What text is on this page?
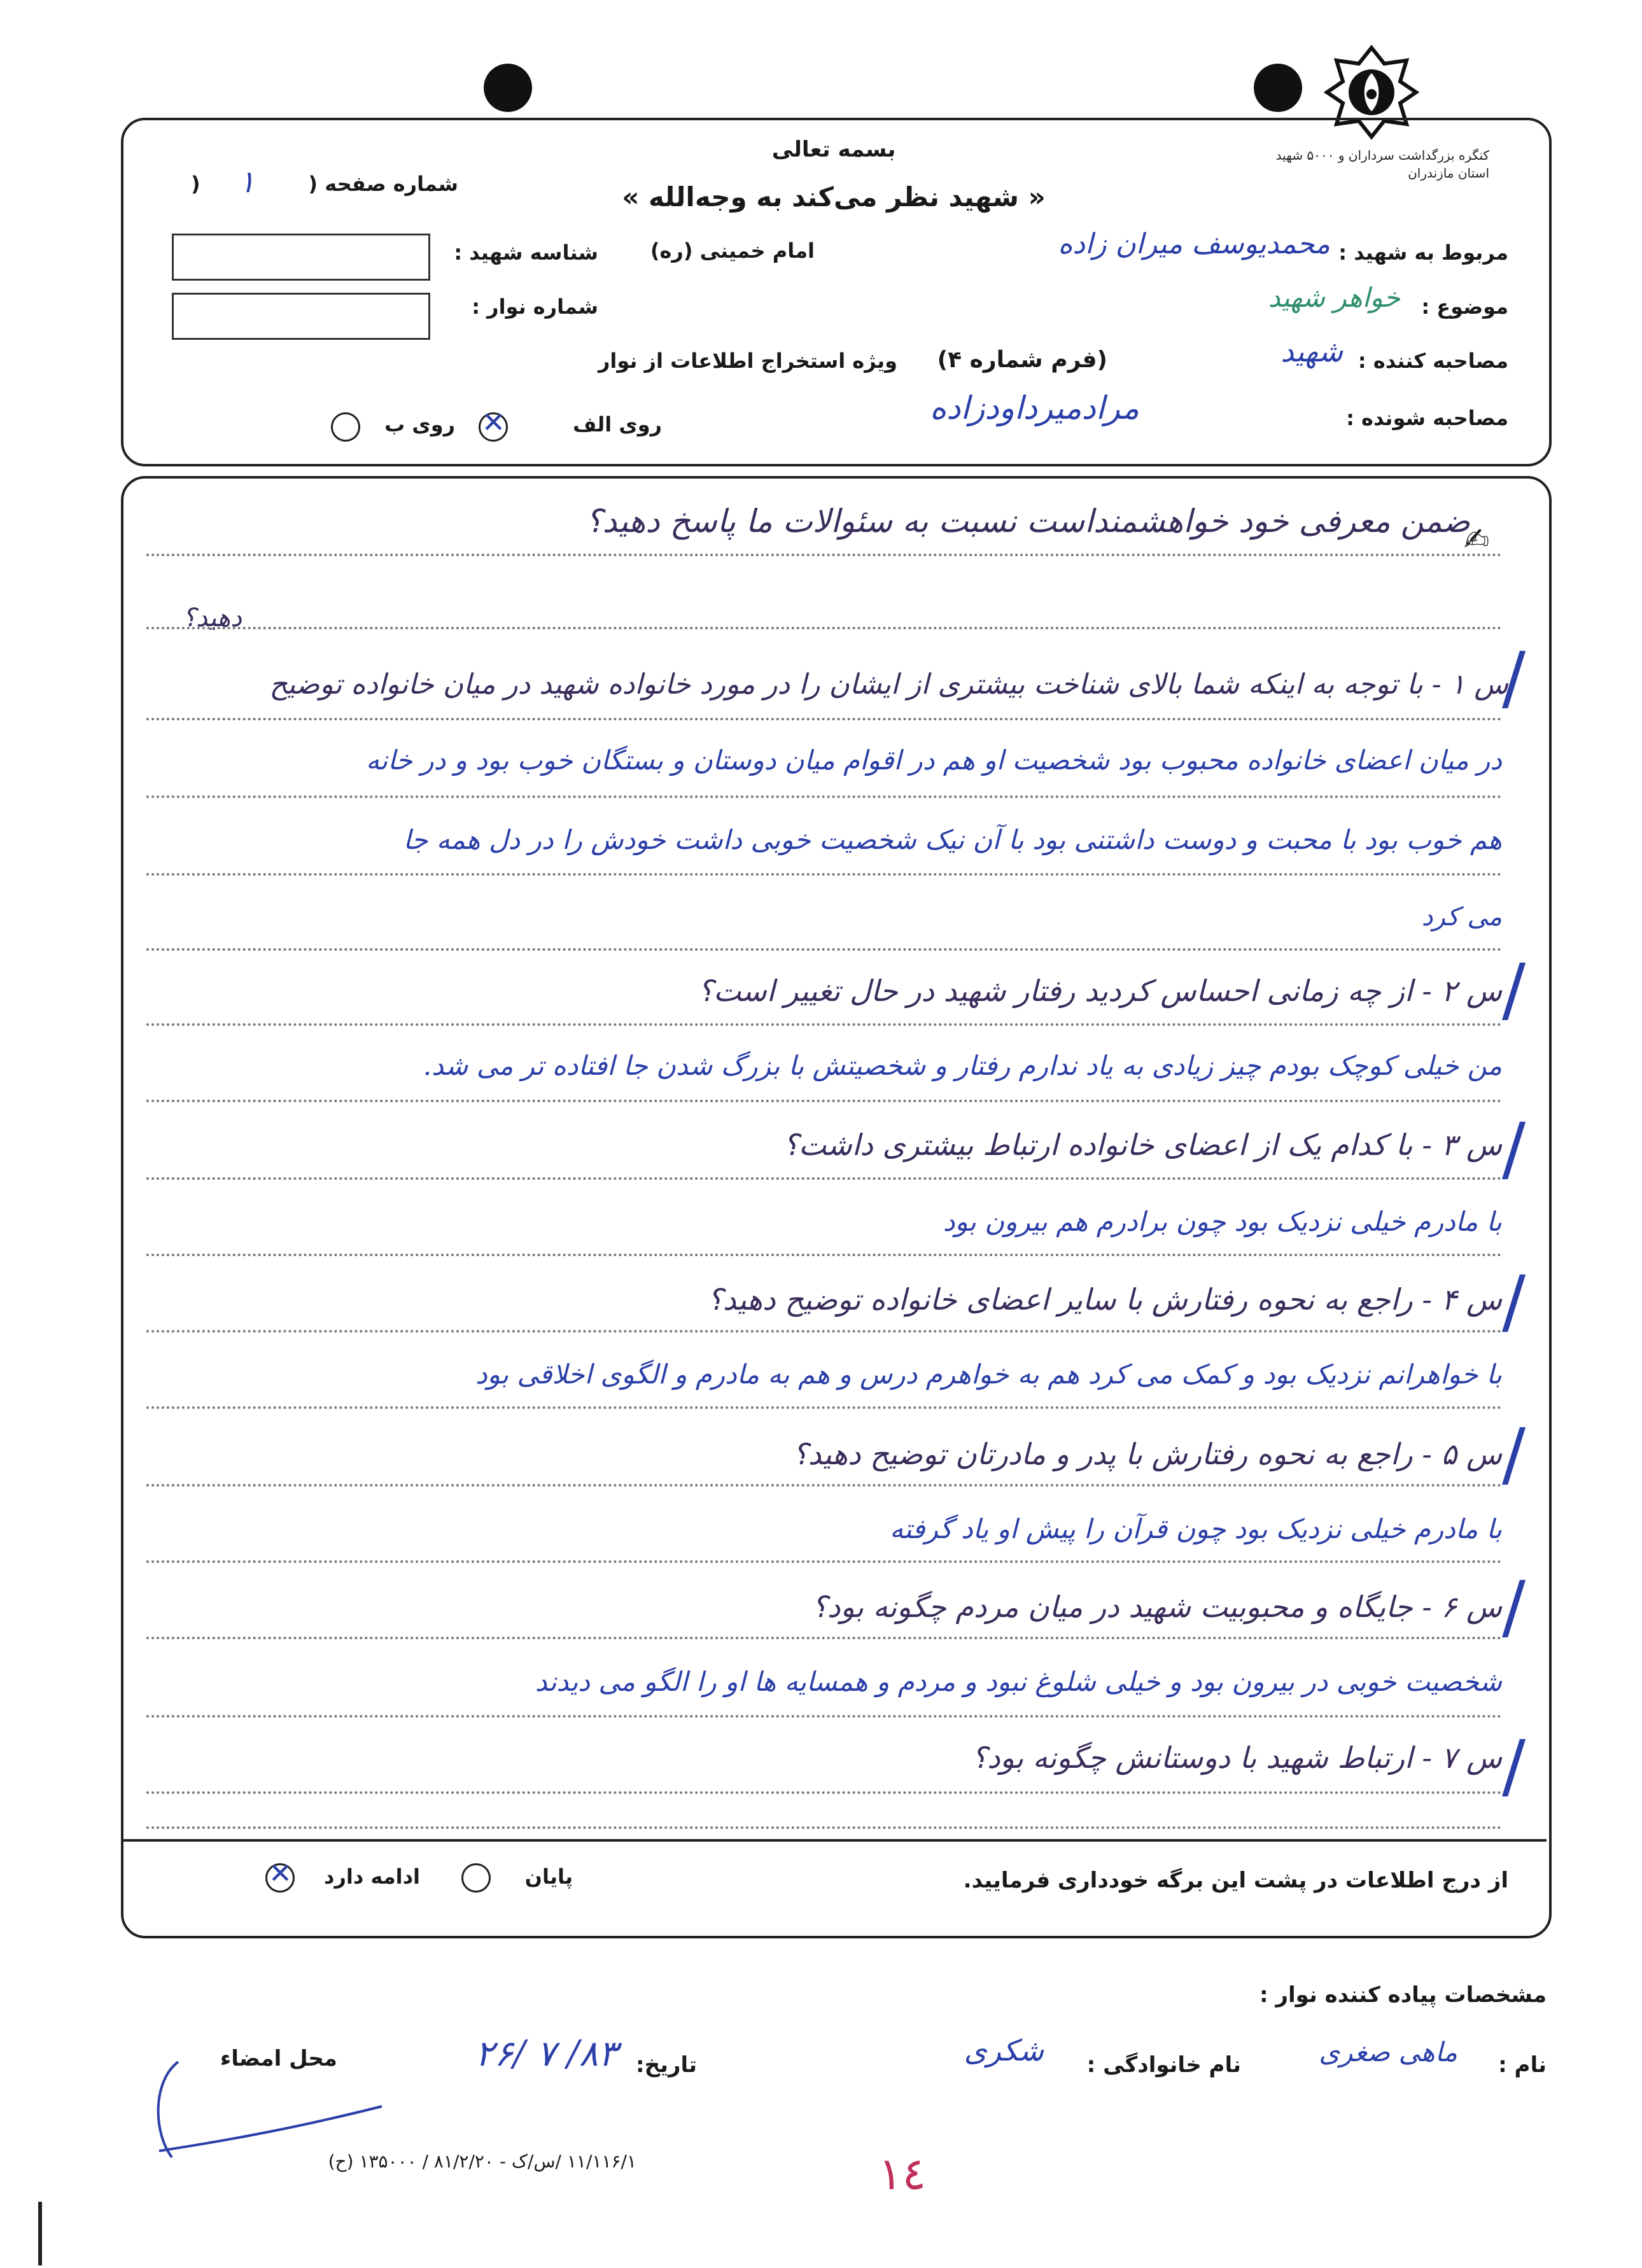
کنگره بزرگداشت سرداران و ۵۰۰۰ شهید استان مازندران
بسمه تعالی
« شهید نظر می‌کند به وجه‌الله »
شماره صفحه (
١
)
مربوط به شهید :
محمدیوسف میران زاده
امام خمینی (ره)
شناسه شهید :
موضوع :
خواهر شهید
شماره نوار :
مصاحبه کننده :
شهید
(فرم شماره ۴)
ویژه استخراج اطلاعات از نوار
مصاحبه شونده :
مرادمیرداودزاده
روی الف
✕
روی ب
✍
ضمن معرفی خود خواهشمنداست نسبت به سئوالات ما پاسخ دهید؟
دهید؟
س ۱ - با توجه به اینکه شما بالای شناخت بیشتری از ایشان را در مورد خانواده شهید در میان خانواده توضیح
در میان اعضای خانواده محبوب بود شخصیت او هم در اقوام میان دوستان و بستگان خوب بود و در خانه
هم خوب بود با محبت و دوست داشتنی بود با آن نیک شخصیت خوبی داشت خودش را در دل همه جا
می کرد
س ۲ - از چه زمانی احساس کردید رفتار شهید در حال تغییر است؟
من خیلی کوچک بودم چیز زیادی به یاد ندارم رفتار و شخصیتش با بزرگ شدن جا افتاده تر می شد.
س ۳ - با کدام یک از اعضای خانواده ارتباط بیشتری داشت؟
با مادرم خیلی نزدیک بود چون برادرم هم بیرون بود
س ۴ - راجع به نحوه رفتارش با سایر اعضای خانواده توضیح دهید؟
با خواهرانم نزدیک بود و کمک می کرد هم به خواهرم درس و هم به مادرم و الگوی اخلاقی بود
س ۵ - راجع به نحوه رفتارش با پدر و مادرتان توضیح دهید؟
با مادرم خیلی نزدیک بود چون قرآن را پیش او یاد گرفته
س ۶ - جایگاه و محبوبیت شهید در میان مردم چگونه بود؟
شخصیت خوبی در بیرون بود و خیلی شلوغ نبود و مردم و همسایه ها او را الگو می دیدند
س ۷ - ارتباط شهید با دوستانش چگونه بود؟
/
/
/
/
/
/
/
از درج اطلاعات در پشت این برگه خودداری فرمایید.
پایان
ادامه دارد
✕
مشخصات پیاده کننده نوار :
نام :
ماهی صغری
نام خانوادگی :
شکری
تاریخ:
۸۳/ ۷ /۲۶
محل امضاء
۱۱/۱۱۶/۱ /س/ک - ۸۱/۲/۲۰ / ۱۳۵۰۰۰ (ح)	١٤
